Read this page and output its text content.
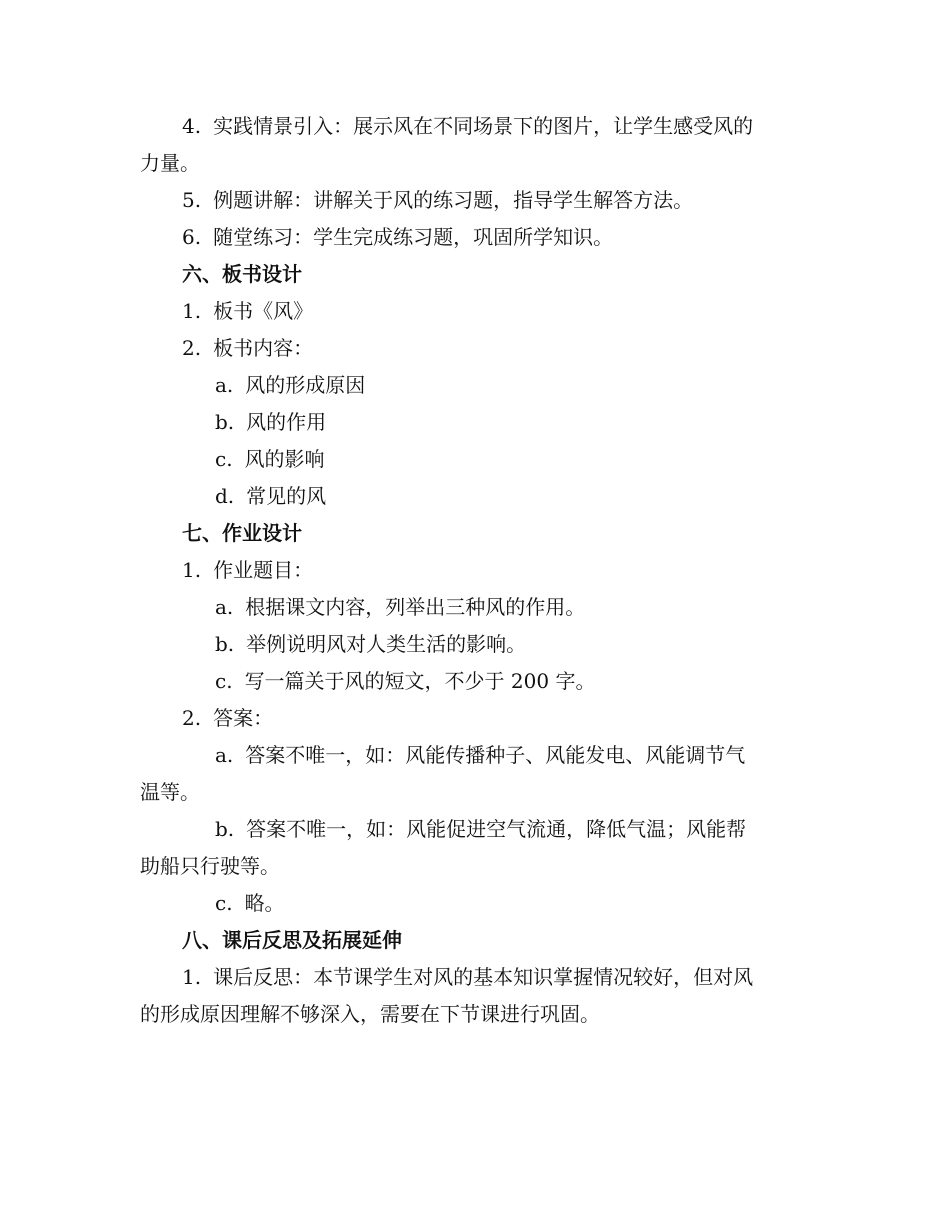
4. 实践情景引入：展示风在不同场景下的图片，让学生感受风的
力量。
5. 例题讲解：讲解关于风的练习题，指导学生解答方法。
6. 随堂练习：学生完成练习题，巩固所学知识。
六、板书设计
1. 板书《风》
2. 板书内容：
a. 风的形成原因
b. 风的作用
c. 风的影响
d. 常见的风
七、作业设计
1. 作业题目：
a. 根据课文内容，列举出三种风的作用。
b. 举例说明风对人类生活的影响。
c. 写一篇关于风的短文，不少于 200 字。
2. 答案：
a. 答案不唯一，如：风能传播种子、风能发电、风能调节气
温等。
b. 答案不唯一，如：风能促进空气流通，降低气温；风能帮
助船只行驶等。
c. 略。
八、课后反思及拓展延伸
1. 课后反思：本节课学生对风的基本知识掌握情况较好，但对风
的形成原因理解不够深入，需要在下节课进行巩固。
